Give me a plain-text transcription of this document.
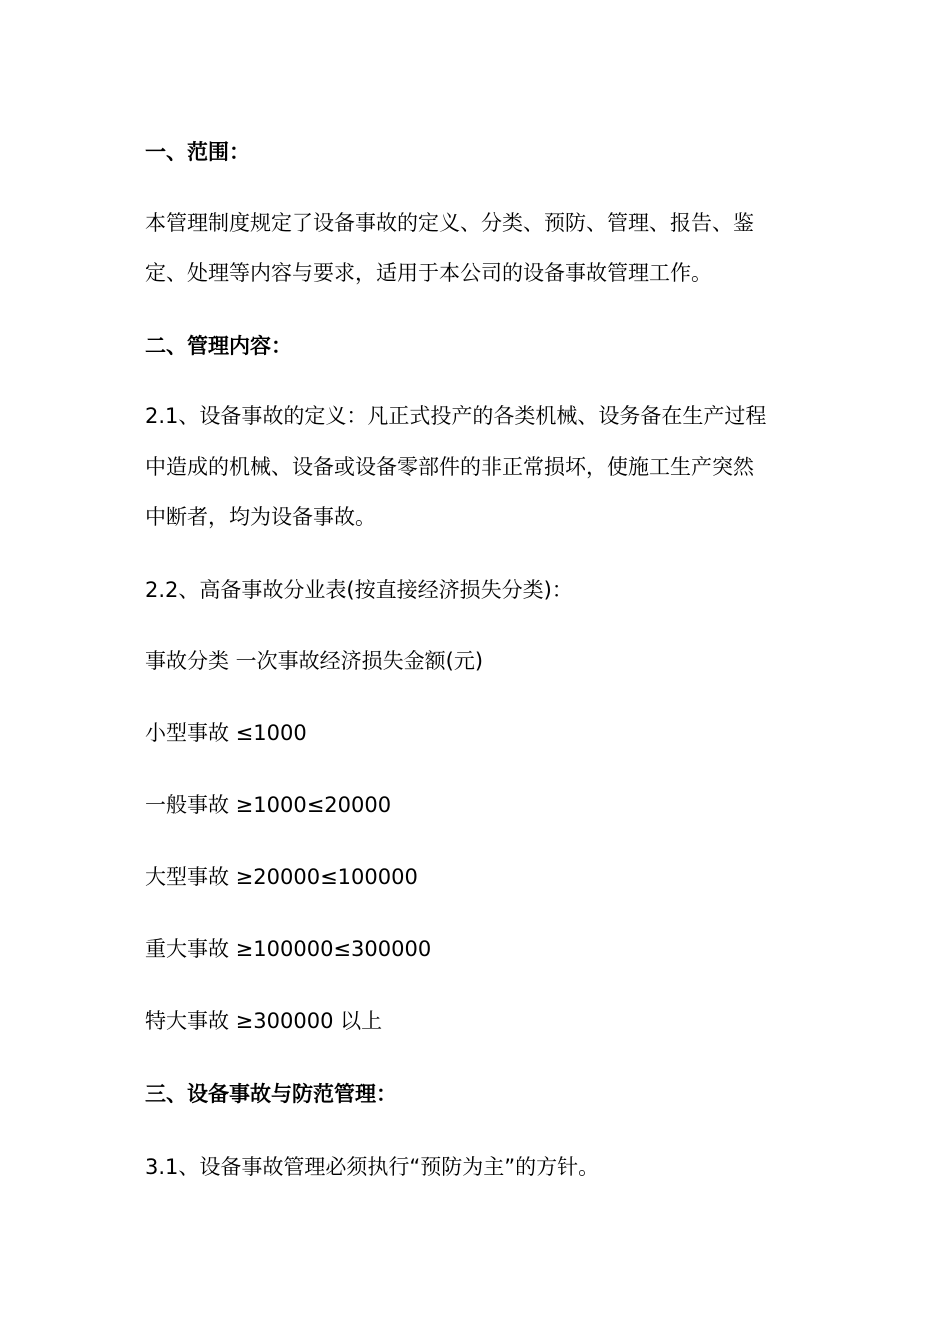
一、范围：
本管理制度规定了设备事故的定义、分类、预防、管理、报告、鉴
定、处理等内容与要求，适用于本公司的设备事故管理工作。
二、管理内容：
2.1、设备事故的定义：凡正式投产的各类机械、设务备在生产过程
中造成的机械、设备或设备零部件的非正常损坏，使施工生产突然
中断者，均为设备事故。
2.2、高备事故分业表(按直接经济损失分类)：
事故分类 一次事故经济损失金额(元)
小型事故 ≤1000
一般事故 ≥1000≤20000
大型事故 ≥20000≤100000
重大事故 ≥100000≤300000
特大事故 ≥300000 以上
三、设备事故与防范管理：
3.1、设备事故管理必须执行“预防为主”的方针。
